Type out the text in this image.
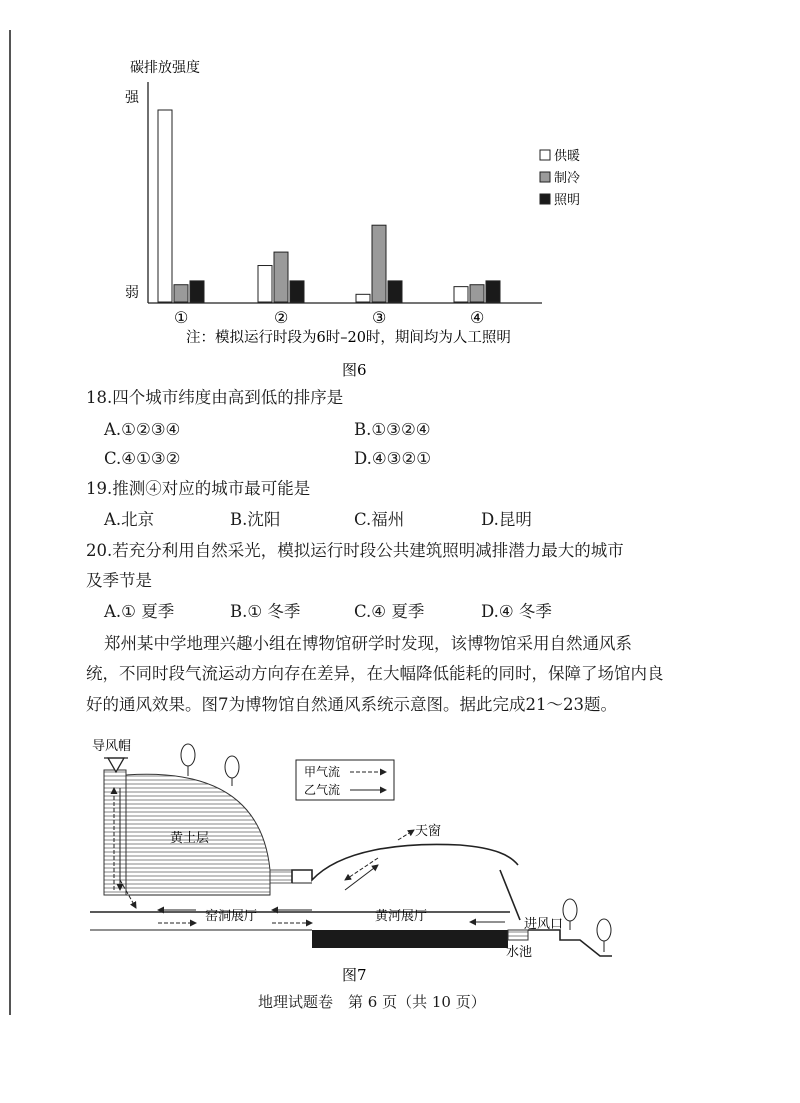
碳排放强度
强
弱
①	②	③	④
供暖
制冷
照明
注：模拟运行时段为6时–20时，期间均为人工照明
图6
18.四个城市纬度由高到低的排序是
A.①②③④	B.①③②④
C.④①③②	D.④③②①
19.推测④对应的城市最可能是
A.北京	B.沈阳	C.福州	D.昆明
20.若充分利用自然采光，模拟运行时段公共建筑照明减排潜力最大的城市
及季节是
A.① 夏季	B.① 冬季	C.④ 夏季	D.④ 冬季
郑州某中学地理兴趣小组在博物馆研学时发现，该博物馆采用自然通风系
统，不同时段气流运动方向存在差异，在大幅降低能耗的同时，保障了场馆内良
好的通风效果。图7为博物馆自然通风系统示意图。据此完成21～23题。
导风帽
黄土层
甲气流
乙气流
天窗
窑洞展厅	黄河展厅
进风口
水池
图7
地理试题卷　第 6 页（共 10 页）
